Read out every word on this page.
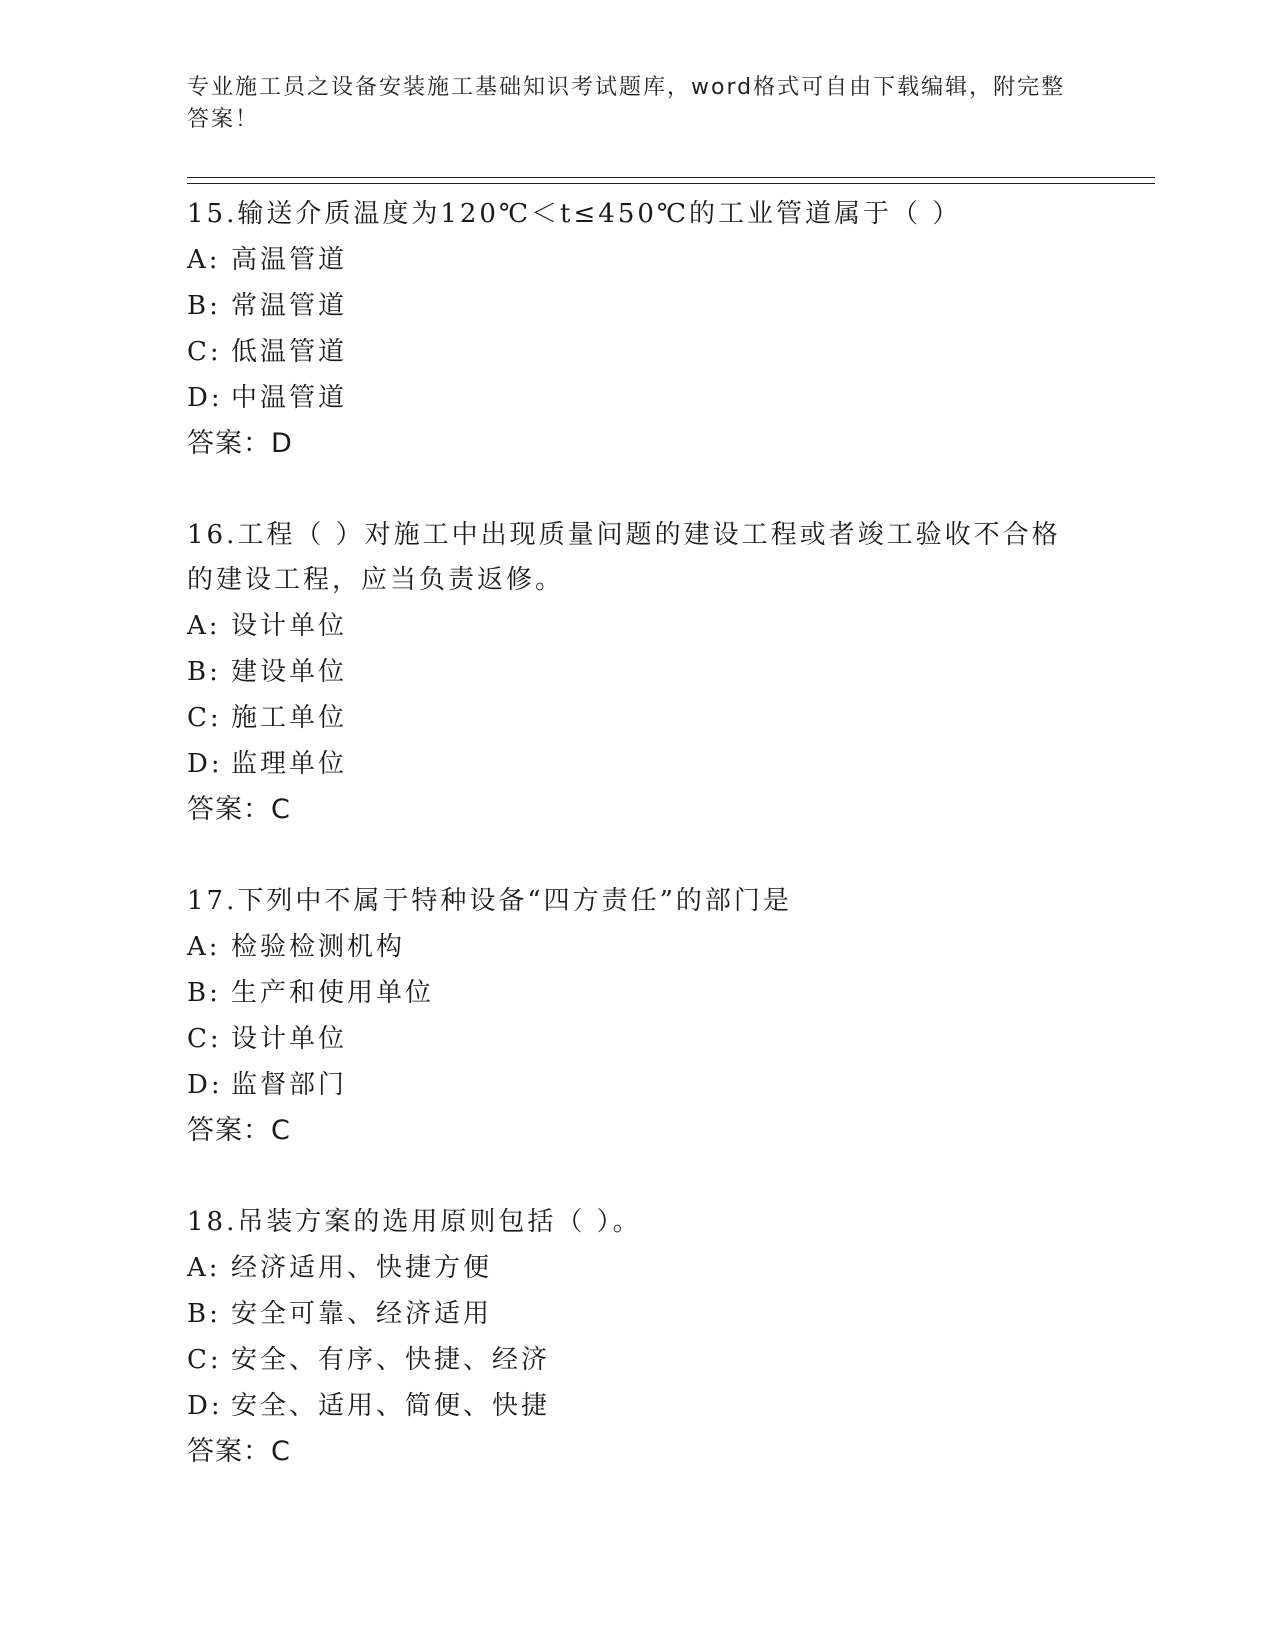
专业施工员之设备安装施工基础知识考试题库，word格式可自由下载编辑，附完整答案！

15.输送介质温度为120℃＜t≤450℃的工业管道属于（ ）

A: 高温管道

B: 常温管道

C: 低温管道

D: 中温管道

答案：D

16.工程（ ）对施工中出现质量问题的建设工程或者竣工验收不合格的建设工程，应当负责返修。

A: 设计单位

B: 建设单位

C: 施工单位

D: 监理单位

答案：C

17.下列中不属于特种设备“四方责任”的部门是

A: 检验检测机构

B: 生产和使用单位

C: 设计单位

D: 监督部门

答案：C

18.吊装方案的选用原则包括（ ）。

A: 经济适用、快捷方便

B: 安全可靠、经济适用

C: 安全、有序、快捷、经济

D: 安全、适用、简便、快捷

答案：C
